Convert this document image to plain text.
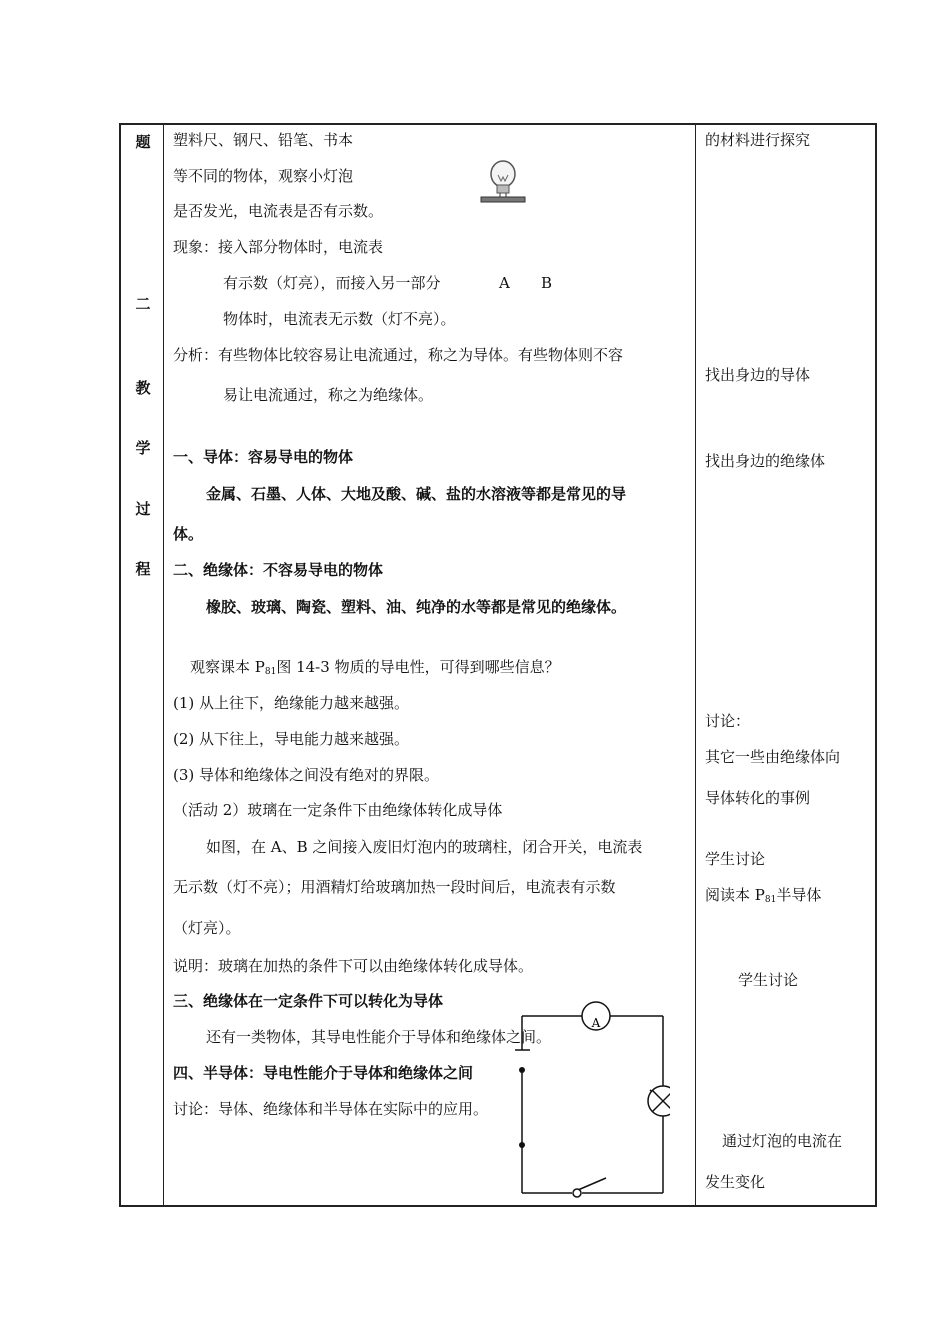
题
二
教
学
过
程
塑料尺、钢尺、铅笔、书本
等不同的物体，观察小灯泡
是否发光，电流表是否有示数。
现象：接入部分物体时，电流表
有示数（灯亮），而接入另一部分	A B
物体时，电流表无示数（灯不亮）。
分析：有些物体比较容易让电流通过，称之为导体。有些物体则不容
易让电流通过，称之为绝缘体。
一、导体：容易导电的物体
金属、石墨、人体、大地及酸、碱、盐的水溶液等都是常见的导
体。
二、绝缘体：不容易导电的物体
橡胶、玻璃、陶瓷、塑料、油、纯净的水等都是常见的绝缘体。
观察课本 $P_{81}$图 14-3 物质的导电性，可得到哪些信息？
(1) 从上往下，绝缘能力越来越强。
(2) 从下往上，导电能力越来越强。
(3) 导体和绝缘体之间没有绝对的界限。
（活动 2）玻璃在一定条件下由绝缘体转化成导体
如图，在 A、B 之间接入废旧灯泡内的玻璃柱，闭合开关，电流表
无示数（灯不亮）；用酒精灯给玻璃加热一段时间后，电流表有示数
（灯亮）。
说明：玻璃在加热的条件下可以由绝缘体转化成导体。
三、绝缘体在一定条件下可以转化为导体
还有一类物体，其导电性能介于导体和绝缘体之间。
四、半导体：导电性能介于导体和绝缘体之间
讨论：导体、绝缘体和半导体在实际中的应用。
A
的材料进行探究
找出身边的导体
找出身边的绝缘体
讨论：
其它一些由绝缘体向
导体转化的事例
学生讨论
阅读本 $P_{81}$半导体
学生讨论
通过灯泡的电流在
发生变化
